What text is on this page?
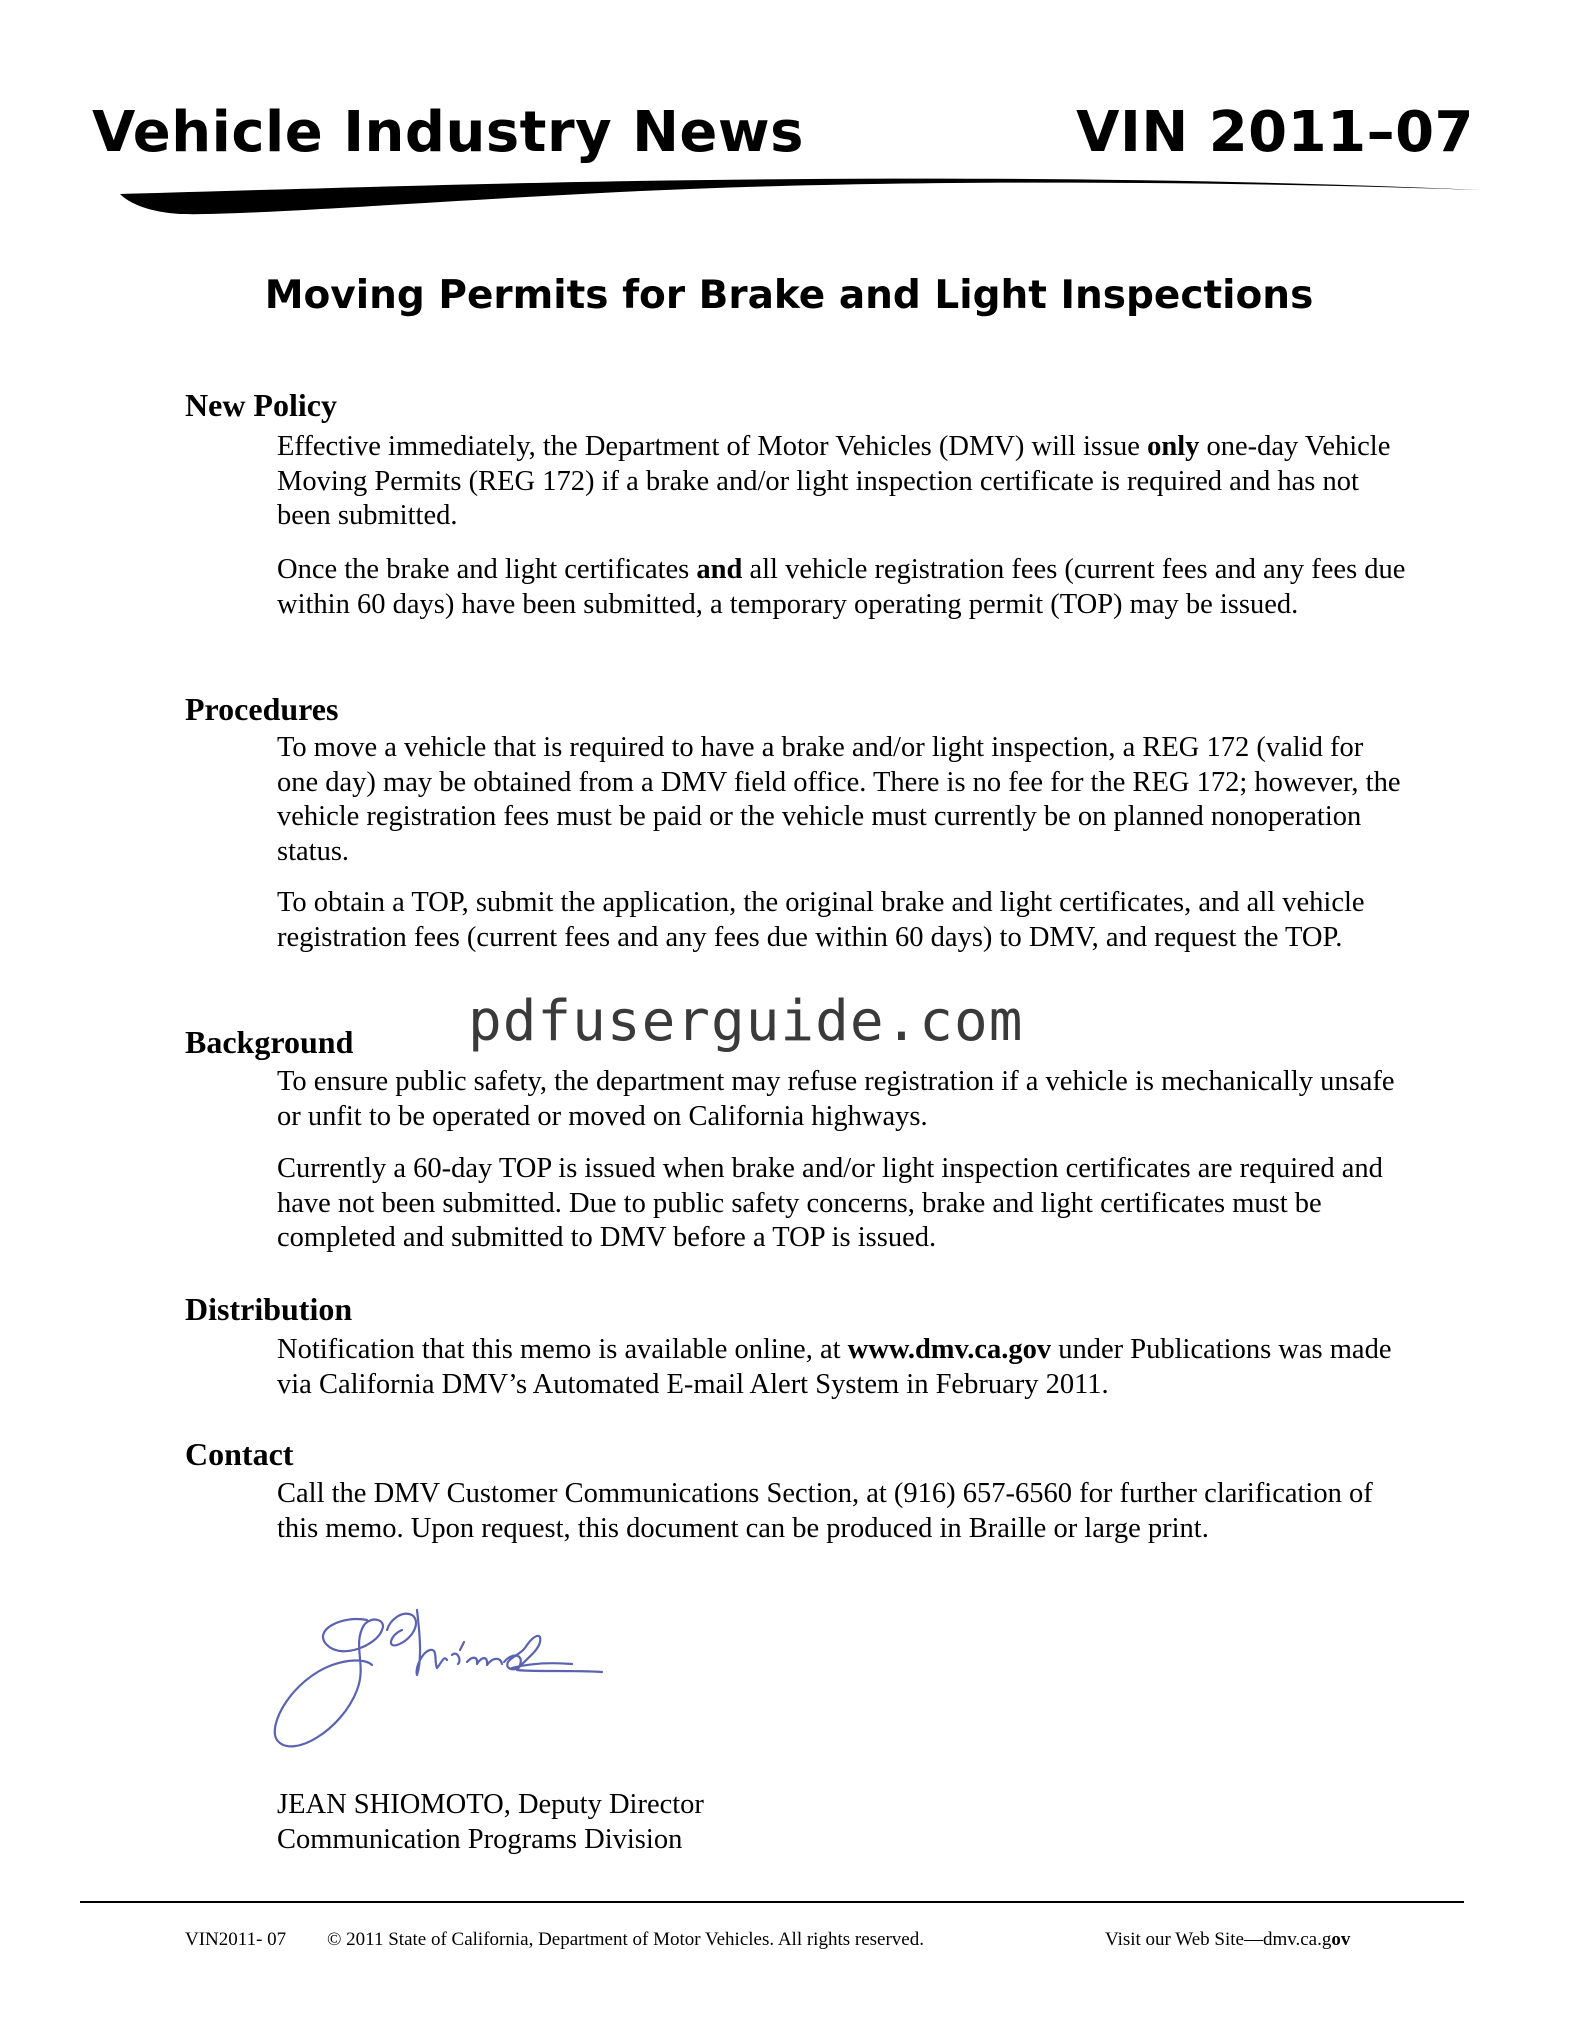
Vehicle Industry News	VIN 2011–07
Moving Permits for Brake and Light Inspections
New Policy

Effective immediately, the Department of Motor Vehicles (DMV) will issue only one-day Vehicle Moving Permits (REG 172) if a brake and/or light inspection certificate is required and has not been submitted.

Once the brake and light certificates and all vehicle registration fees (current fees and any fees due within 60 days) have been submitted, a temporary operating permit (TOP) may be issued.

Procedures

To move a vehicle that is required to have a brake and/or light inspection, a REG 172 (valid for one day) may be obtained from a DMV field office. There is no fee for the REG 172; however, the vehicle registration fees must be paid or the vehicle must currently be on planned nonoperation status.

To obtain a TOP, submit the application, the original brake and light certificates, and all vehicle registration fees (current fees and any fees due within 60 days) to DMV, and request the TOP.

pdfuserguide.com

Background

To ensure public safety, the department may refuse registration if a vehicle is mechanically unsafe or unfit to be operated or moved on California highways.

Currently a 60-day TOP is issued when brake and/or light inspection certificates are required and have not been submitted. Due to public safety concerns, brake and light certificates must be completed and submitted to DMV before a TOP is issued.

Distribution

Notification that this memo is available online, at www.dmv.ca.gov under Publications was made via California DMV’s Automated E-mail Alert System in February 2011.

Contact

Call the DMV Customer Communications Section, at (916) 657-6560 for further clarification of this memo. Upon request, this document can be produced in Braille or large print.

JEAN SHIOMOTO, Deputy Director
Communication Programs Division

VIN2011- 07 © 2011 State of California, Department of Motor Vehicles. All rights reserved.	Visit our Web Site—dmv.ca.gov
